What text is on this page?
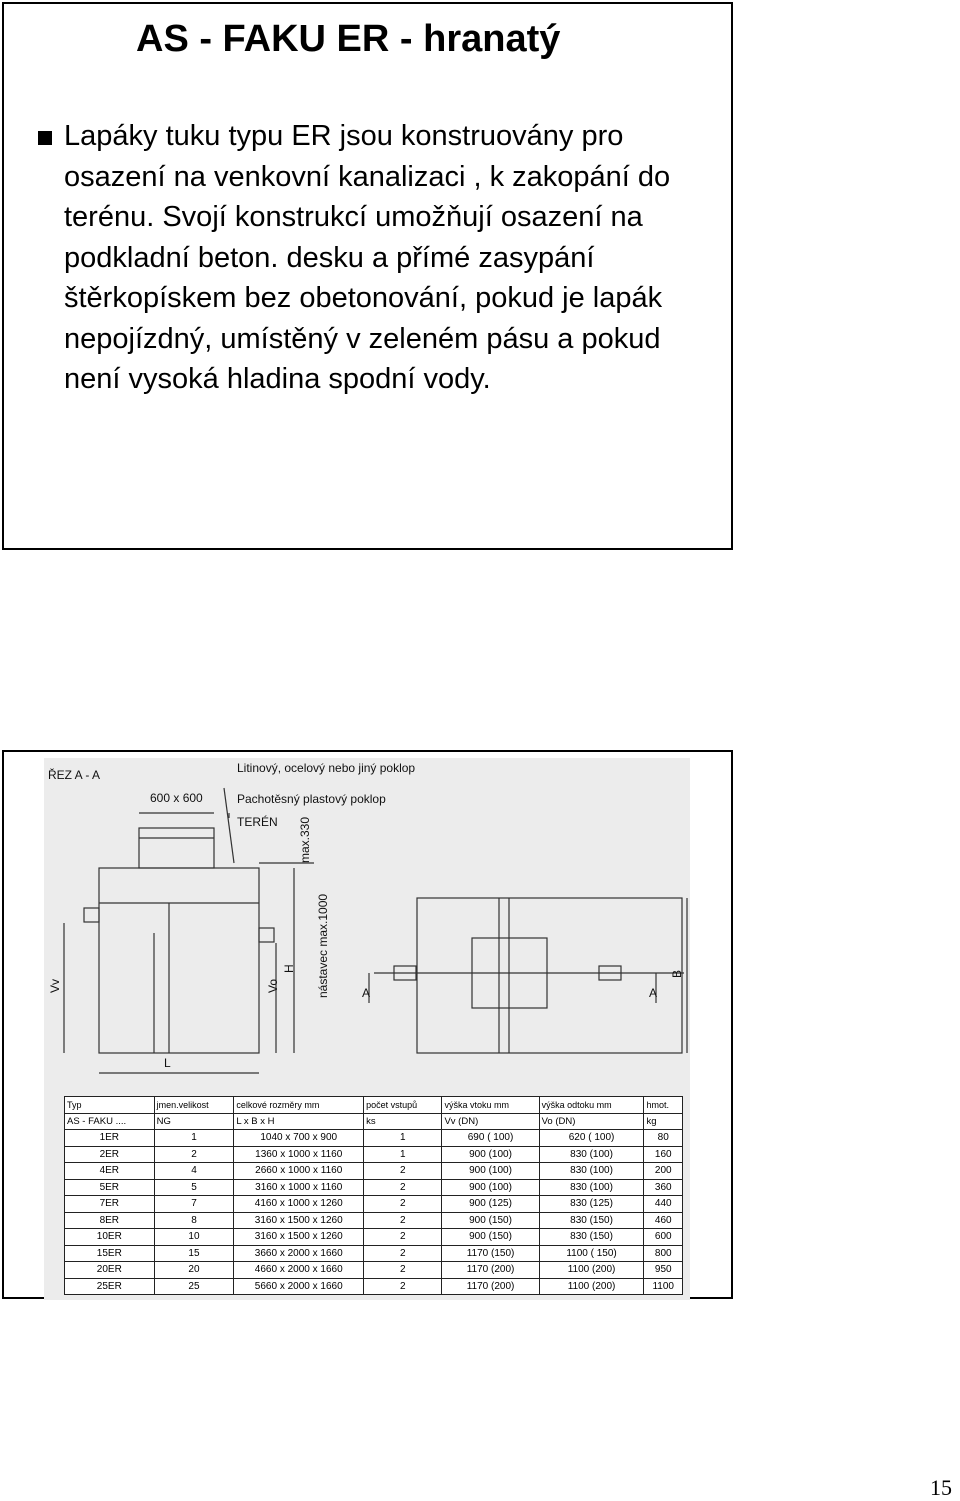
AS - FAKU ER - hranatý

Lapáky tuku typu ER jsou konstruovány pro osazení na venkovní kanalizaci , k zakopání do terénu. Svojí konstrukcí umožňují osazení na podkladní beton. desku a přímé zasypání štěrkopískem bez obetonování, pokud je lapák nepojízdný, umístěný v zeleném pásu a pokud není vysoká hladina spodní vody.

ŘEZ A - A	Litinový, ocelový nebo jiný poklop
600 x 600	Pachotěsný plastový poklop
TERÉN max.330
nástavec max.1000
Vv	Vo
H
L
B
A	A
Typ	jmen.velikost	celkové rozměry mm	počet vstupů	výška vtoku mm	výška odtoku mm	hmot.
AS - FAKU ....	NG	L x B x H	ks	Vv (DN)	Vo (DN)	kg
1ER	1	1040 x 700 x 900	1	690 ( 100)	620 ( 100)	80
2ER	2	1360 x 1000 x 1160	1	900 (100)	830 (100)	160
4ER	4	2660 x 1000 x 1160	2	900 (100)	830 (100)	200
5ER	5	3160 x 1000 x 1160	2	900 (100)	830 (100)	360
7ER	7	4160 x 1000 x 1260	2	900 (125)	830 (125)	440
8ER	8	3160 x 1500 x 1260	2	900 (150)	830 (150)	460
10ER	10	3160 x 1500 x 1260	2	900 (150)	830 (150)	600
15ER	15	3660 x 2000 x 1660	2	1170 (150)	1100 ( 150)	800
20ER	20	4660 x 2000 x 1660	2	1170 (200)	1100 (200)	950
25ER	25	5660 x 2000 x 1660	2	1170 (200)	1100 (200)	1100
15
